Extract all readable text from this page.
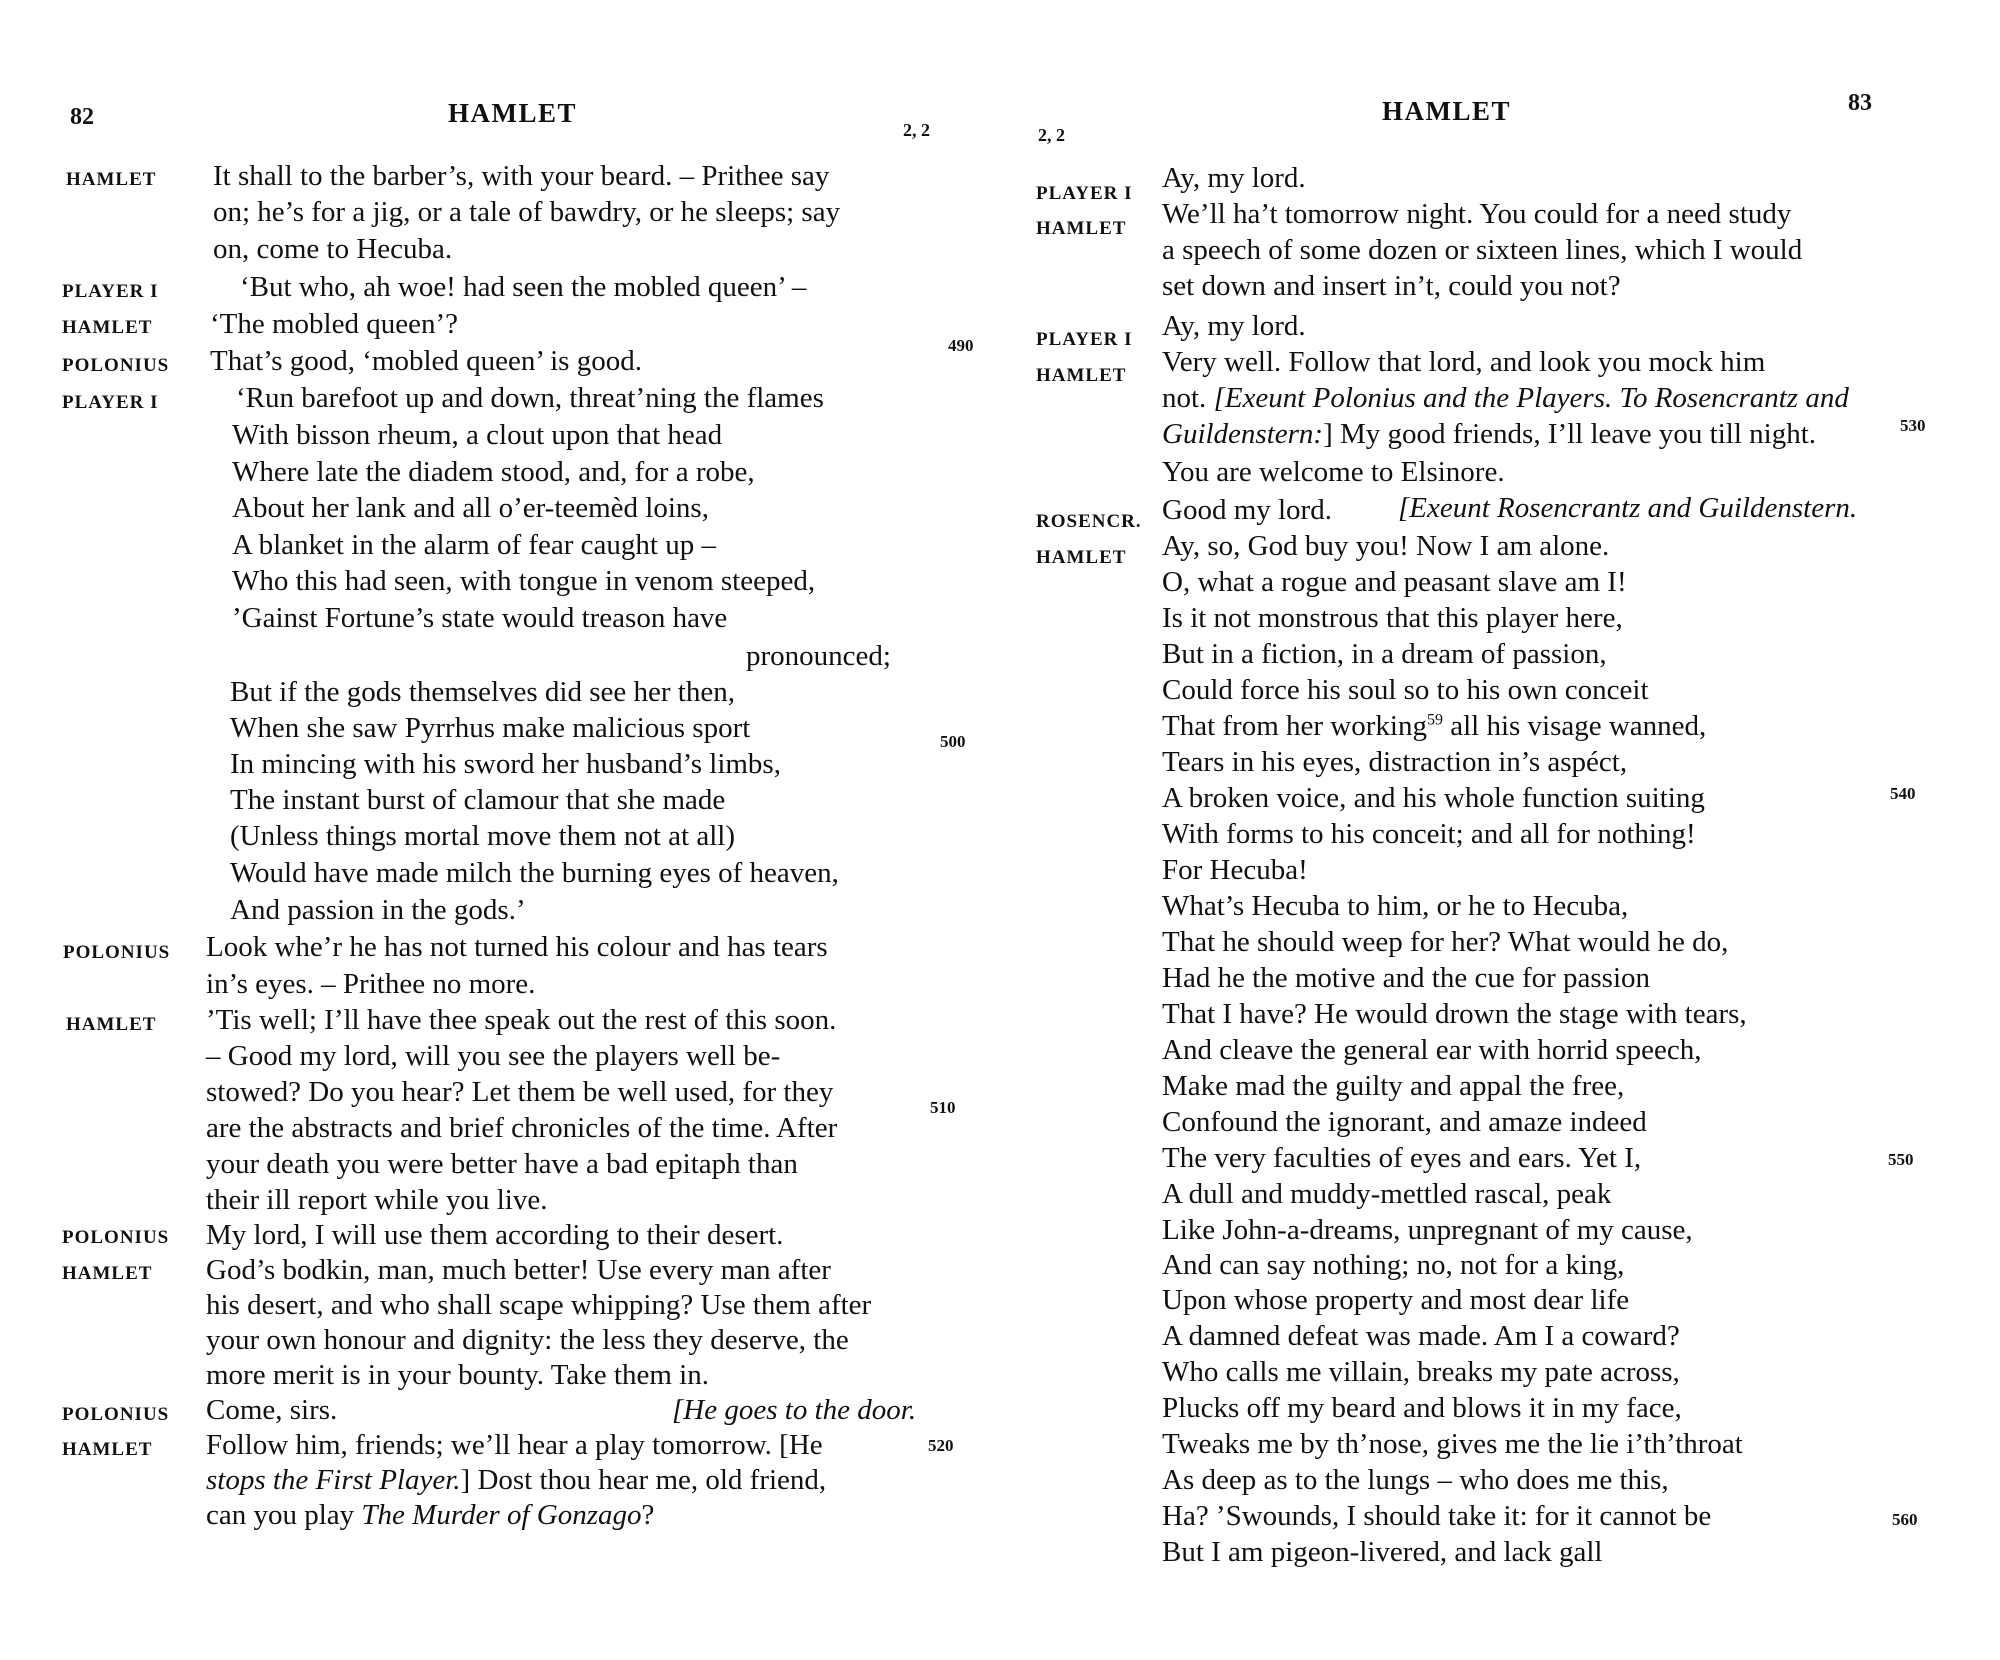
82	HAMLET
2, 2
HAMLET
PLAYER I
HAMLET
POLONIUS
PLAYER I
POLONIUS
HAMLET
POLONIUS
HAMLET
POLONIUS
HAMLET
490
500
510
520
It shall to the barber’s, with your beard. – Prithee say
on; he’s for a jig, or a tale of bawdry, or he sleeps; say
on, come to Hecuba.
‘But who, ah woe! had seen the mobled queen’ –
‘The mobled queen’?
That’s good, ‘mobled queen’ is good.
‘Run barefoot up and down, threat’ning the flames
With bisson rheum, a clout upon that head
Where late the diadem stood, and, for a robe,
About her lank and all o’er-teemèd loins,
A blanket in the alarm of fear caught up –
Who this had seen, with tongue in venom steeped,
’Gainst Fortune’s state would treason have
pronounced;
But if the gods themselves did see her then,
When she saw Pyrrhus make malicious sport
In mincing with his sword her husband’s limbs,
The instant burst of clamour that she made
(Unless things mortal move them not at all)
Would have made milch the burning eyes of heaven,
And passion in the gods.’
Look whe’r he has not turned his colour and has tears
in’s eyes. – Prithee no more.
’Tis well; I’ll have thee speak out the rest of this soon.
– Good my lord, will you see the players well be-
stowed? Do you hear? Let them be well used, for they
are the abstracts and brief chronicles of the time. After
your death you were better have a bad epitaph than
their ill report while you live.
My lord, I will use them according to their desert.
God’s bodkin, man, much better! Use every man after
his desert, and who shall scape whipping? Use them after
your own honour and dignity: the less they deserve, the
more merit is in your bounty. Take them in.
Come, sirs.	[He goes to the door.
Follow him, friends; we’ll hear a play tomorrow. [He
stops the First Player.] Dost thou hear me, old friend,
can you play The Murder of Gonzago?
83
HAMLET
2, 2
PLAYER I
HAMLET
PLAYER I
HAMLET
ROSENCR.
HAMLET
530
540
550
560
Ay, my lord.
We’ll ha’t tomorrow night. You could for a need study
a speech of some dozen or sixteen lines, which I would
set down and insert in’t, could you not?
Ay, my lord.
Very well. Follow that lord, and look you mock him
not. [Exeunt Polonius and the Players. To Rosencrantz and
Guildenstern:] My good friends, I’ll leave you till night.
You are welcome to Elsinore.
Good my lord. [Exeunt Rosencrantz and Guildenstern.
Ay, so, God buy you! Now I am alone.
O, what a rogue and peasant slave am I!
Is it not monstrous that this player here,
But in a fiction, in a dream of passion,
Could force his soul so to his own conceit
That from her working$^{59}$ all his visage wanned,
Tears in his eyes, distraction in’s aspéct,
A broken voice, and his whole function suiting
With forms to his conceit; and all for nothing!
For Hecuba!
What’s Hecuba to him, or he to Hecuba,
That he should weep for her? What would he do,
Had he the motive and the cue for passion
That I have? He would drown the stage with tears,
And cleave the general ear with horrid speech,
Make mad the guilty and appal the free,
Confound the ignorant, and amaze indeed
The very faculties of eyes and ears. Yet I,
A dull and muddy-mettled rascal, peak
Like John-a-dreams, unpregnant of my cause,
And can say nothing; no, not for a king,
Upon whose property and most dear life
A damned defeat was made. Am I a coward?
Who calls me villain, breaks my pate across,
Plucks off my beard and blows it in my face,
Tweaks me by th’nose, gives me the lie i’th’throat
As deep as to the lungs – who does me this,
Ha? ’Swounds, I should take it: for it cannot be
But I am pigeon-livered, and lack gall
